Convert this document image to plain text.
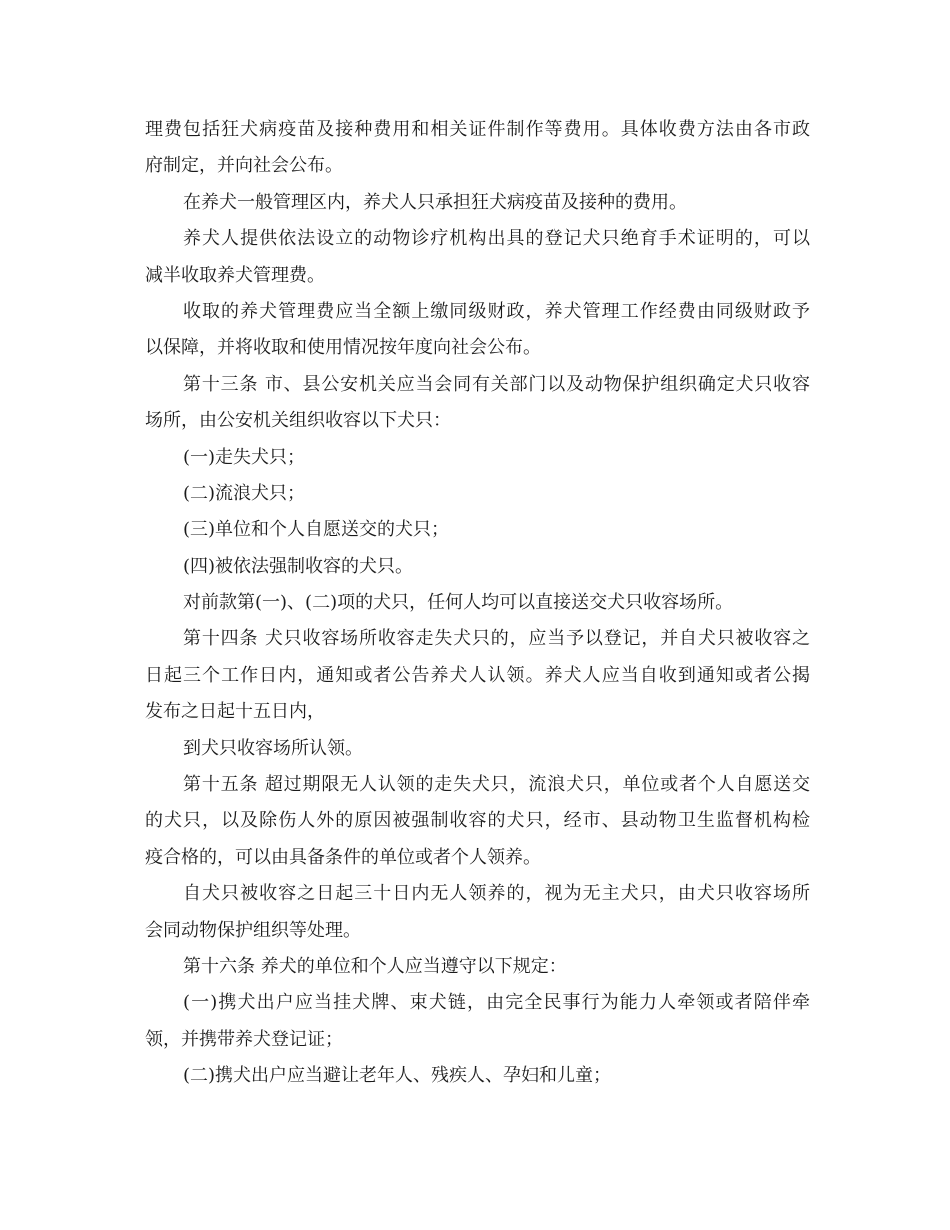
理费包括狂犬病疫苗及接种费用和相关证件制作等费用。具体收费方法由各市政
府制定，并向社会公布。
在养犬一般管理区内，养犬人只承担狂犬病疫苗及接种的费用。
养犬人提供依法设立的动物诊疗机构出具的登记犬只绝育手术证明的，可以
减半收取养犬管理费。
收取的养犬管理费应当全额上缴同级财政，养犬管理工作经费由同级财政予
以保障，并将收取和使用情况按年度向社会公布。
第十三条 市、县公安机关应当会同有关部门以及动物保护组织确定犬只收容
场所，由公安机关组织收容以下犬只：
(一)走失犬只；
(二)流浪犬只；
(三)单位和个人自愿送交的犬只；
(四)被依法强制收容的犬只。
对前款第(一)、(二)项的犬只，任何人均可以直接送交犬只收容场所。
第十四条 犬只收容场所收容走失犬只的，应当予以登记，并自犬只被收容之
日起三个工作日内，通知或者公告养犬人认领。养犬人应当自收到通知或者公揭
发布之日起十五日内，
到犬只收容场所认领。
第十五条 超过期限无人认领的走失犬只，流浪犬只，单位或者个人自愿送交
的犬只，以及除伤人外的原因被强制收容的犬只，经市、县动物卫生监督机构检
疫合格的，可以由具备条件的单位或者个人领养。
自犬只被收容之日起三十日内无人领养的，视为无主犬只，由犬只收容场所
会同动物保护组织等处理。
第十六条 养犬的单位和个人应当遵守以下规定：
(一)携犬出户应当挂犬牌、束犬链，由完全民事行为能力人牵领或者陪伴牵
领，并携带养犬登记证；
(二)携犬出户应当避让老年人、残疾人、孕妇和儿童；
